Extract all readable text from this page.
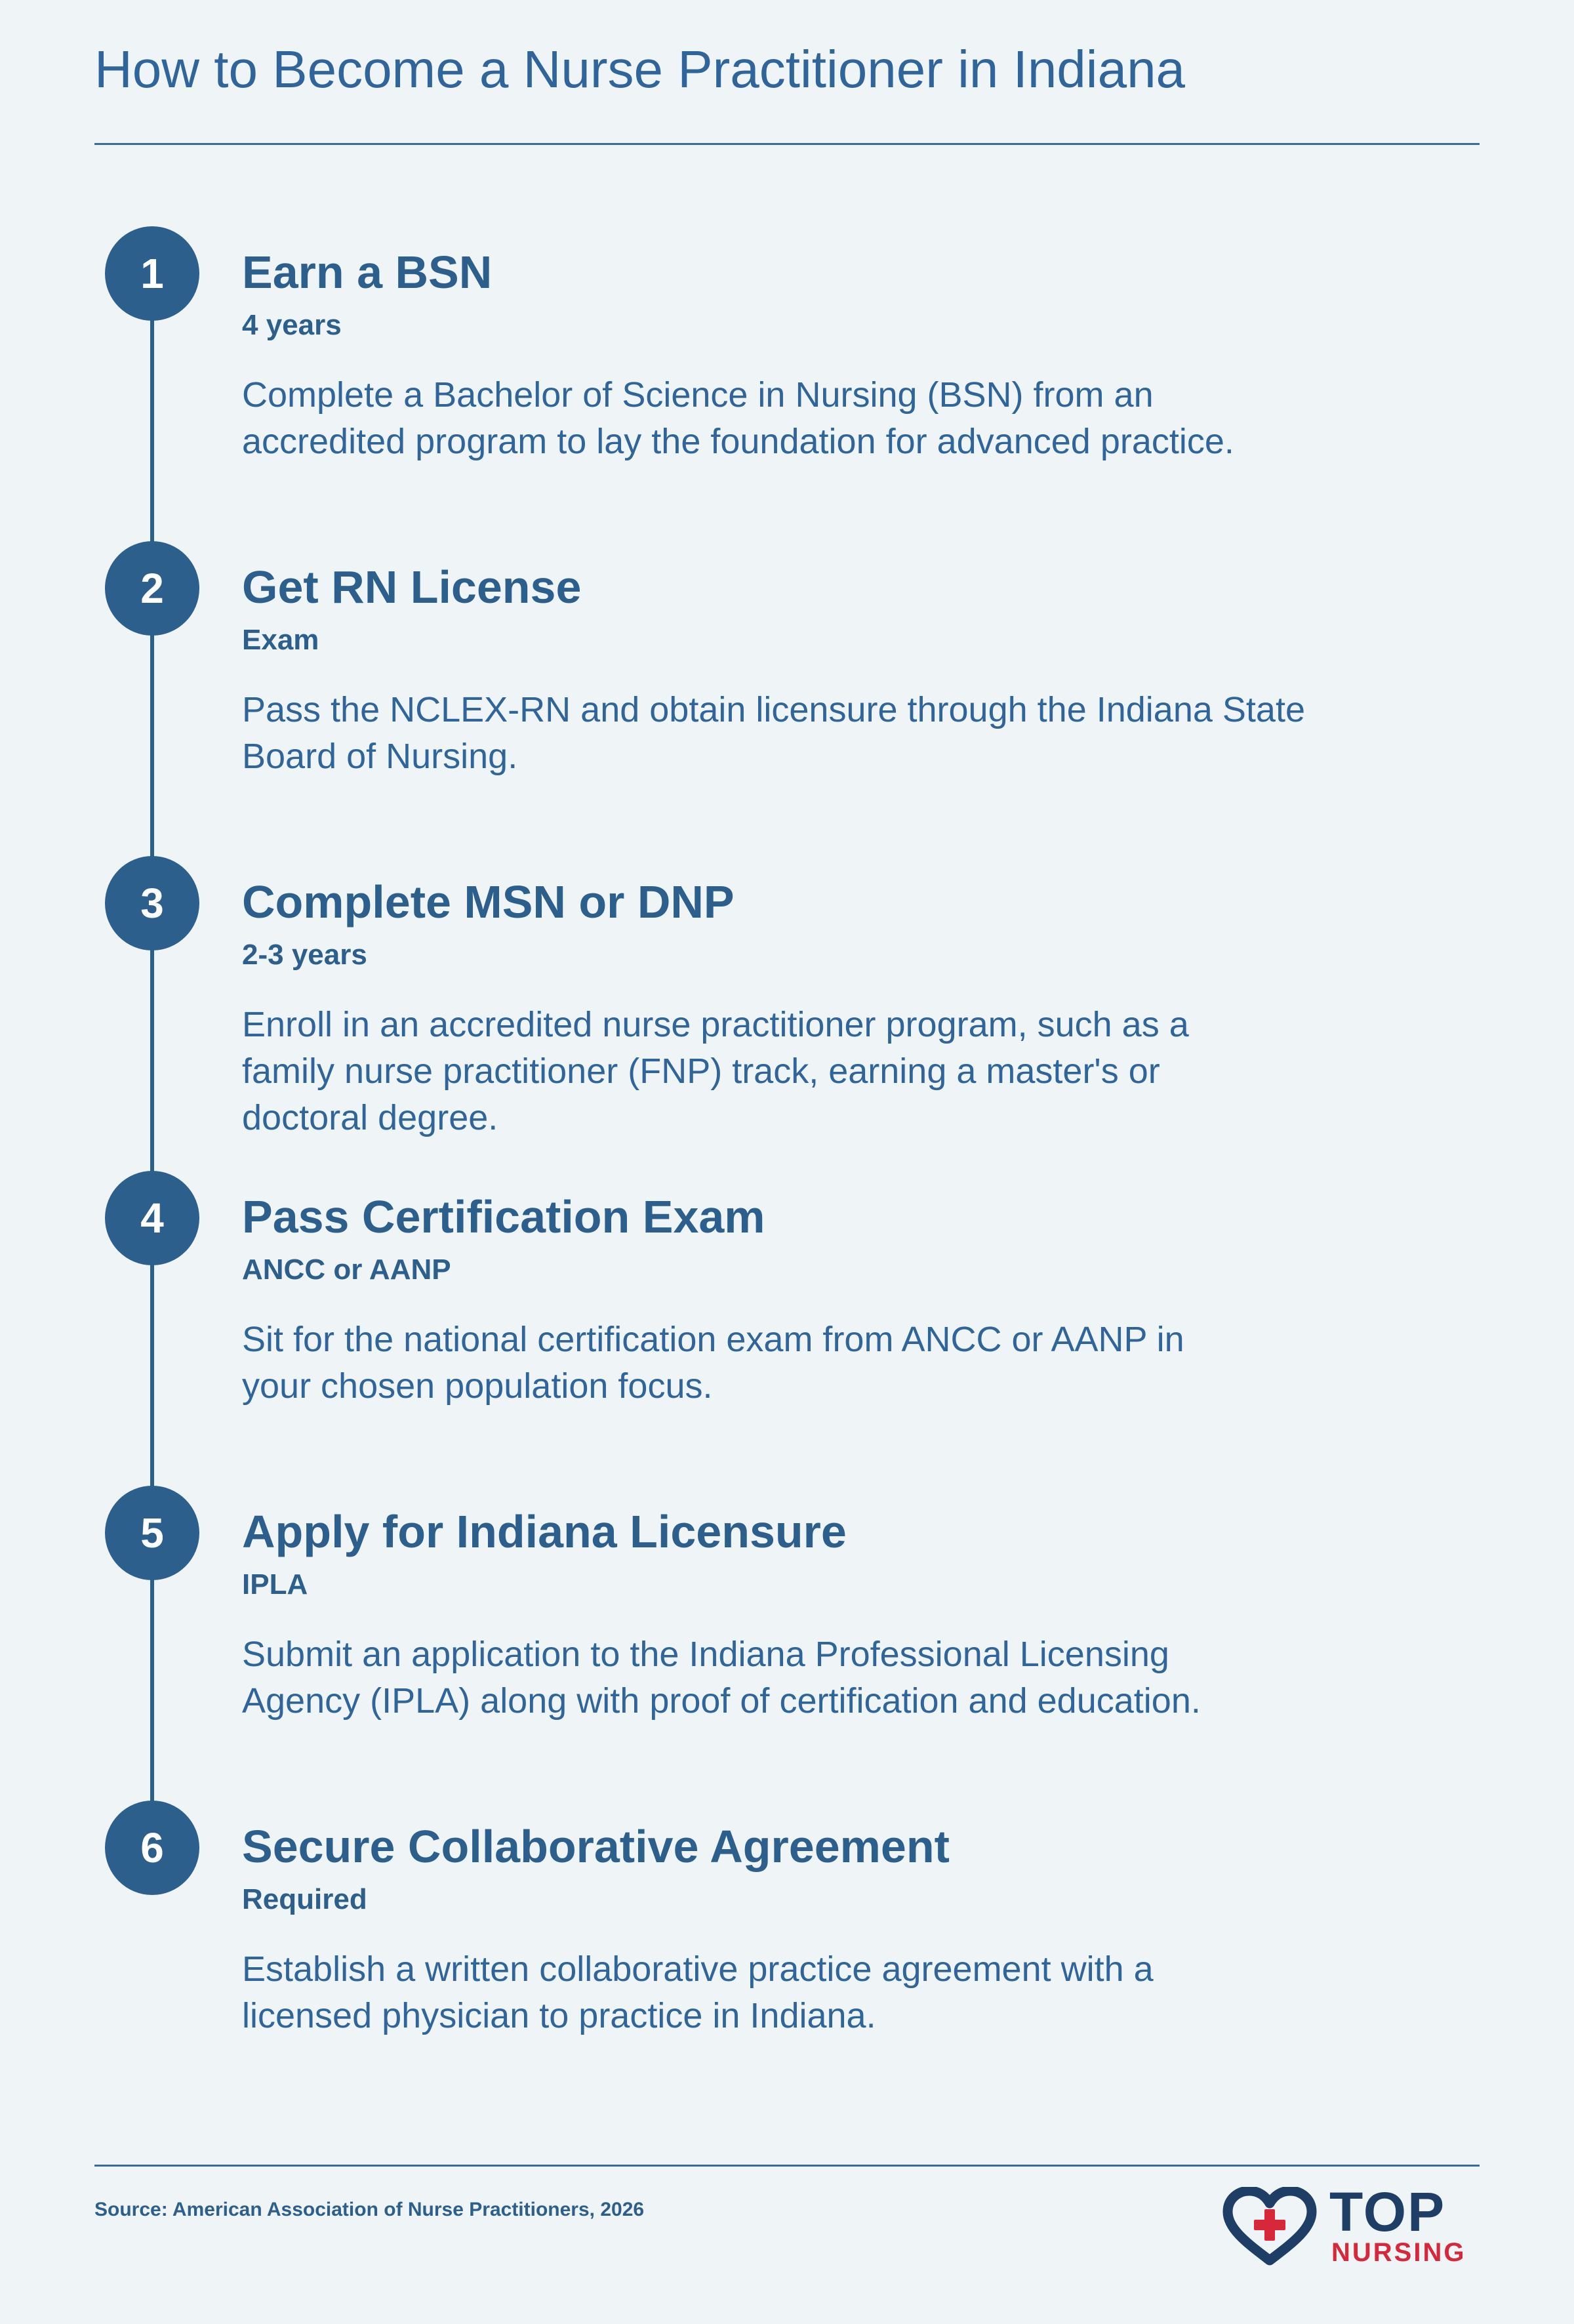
How to Become a Nurse Practitioner in Indiana
1	Earn a BSN
4 years

Complete a Bachelor of Science in Nursing (BSN) from an accredited program to lay the foundation for advanced practice.

2	Get RN License
Exam

Pass the NCLEX-RN and obtain licensure through the Indiana State Board of Nursing.

3	Complete MSN or DNP
2-3 years

Enroll in an accredited nurse practitioner program, such as a family nurse practitioner (FNP) track, earning a master's or doctoral degree.

4	Pass Certification Exam
ANCC or AANP

Sit for the national certification exam from ANCC or AANP in your chosen population focus.

5	Apply for Indiana Licensure
IPLA

Submit an application to the Indiana Professional Licensing Agency (IPLA) along with proof of certification and education.

6	Secure Collaborative Agreement
Required

Establish a written collaborative practice agreement with a licensed physician to practice in Indiana.

Source: American Association of Nurse Practitioners, 2026	TOP
NURSING
